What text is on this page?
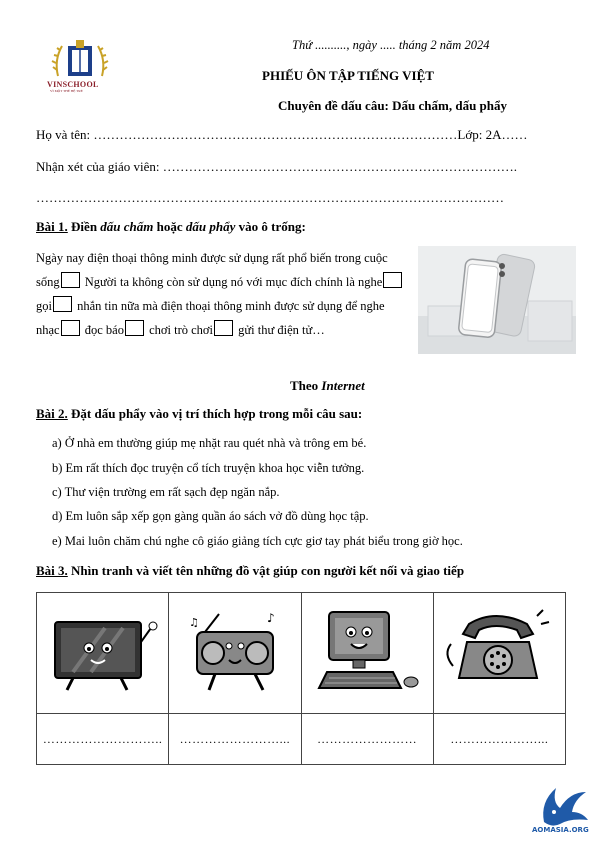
VINSCHOOL
VÌ MỘT THẾ HỆ TRẺ
Thứ .........., ngày ..... tháng 2 năm 2024
PHIẾU ÔN TẬP TIẾNG VIỆT
Chuyên đề dấu câu: Dấu chấm, dấu phẩy
Họ và tên: …………………………………………………………………………Lớp: 2A……
Nhận xét của giáo viên: ……………………………………………………………………….
………………………………………………………………………………………………
Bài 1. Điền dấu chấm hoặc dấu phẩy vào ô trống:
Ngày nay điện thoại thông minh được sử dụng rất phổ biến trong cuộc sống Người ta không còn sử dụng nó với mục đích chính là nghe gọi nhắn tin nữa mà điện thoại thông minh được sử dụng để nghe nhạc đọc báo chơi trò chơi gửi thư điện tử…
Theo Internet
Bài 2. Đặt dấu phẩy vào vị trí thích hợp trong mỗi câu sau:
a) Ở nhà em thường giúp mẹ nhặt rau quét nhà và trông em bé.
b) Em rất thích đọc truyện cổ tích truyện khoa học viễn tưởng.
c) Thư viện trường em rất sạch đẹp ngăn nắp.
d) Em luôn sắp xếp gọn gàng quần áo sách vở đồ dùng học tập.
e) Mai luôn chăm chú nghe cô giáo giảng tích cực giơ tay phát biểu trong giờ học.
Bài 3. Nhìn tranh và viết tên những đồ vật giúp con người kết nối và giao tiếp

♪
♫

………………………..	……………………...	……………………	…………………...
AOMASIA.ORG
